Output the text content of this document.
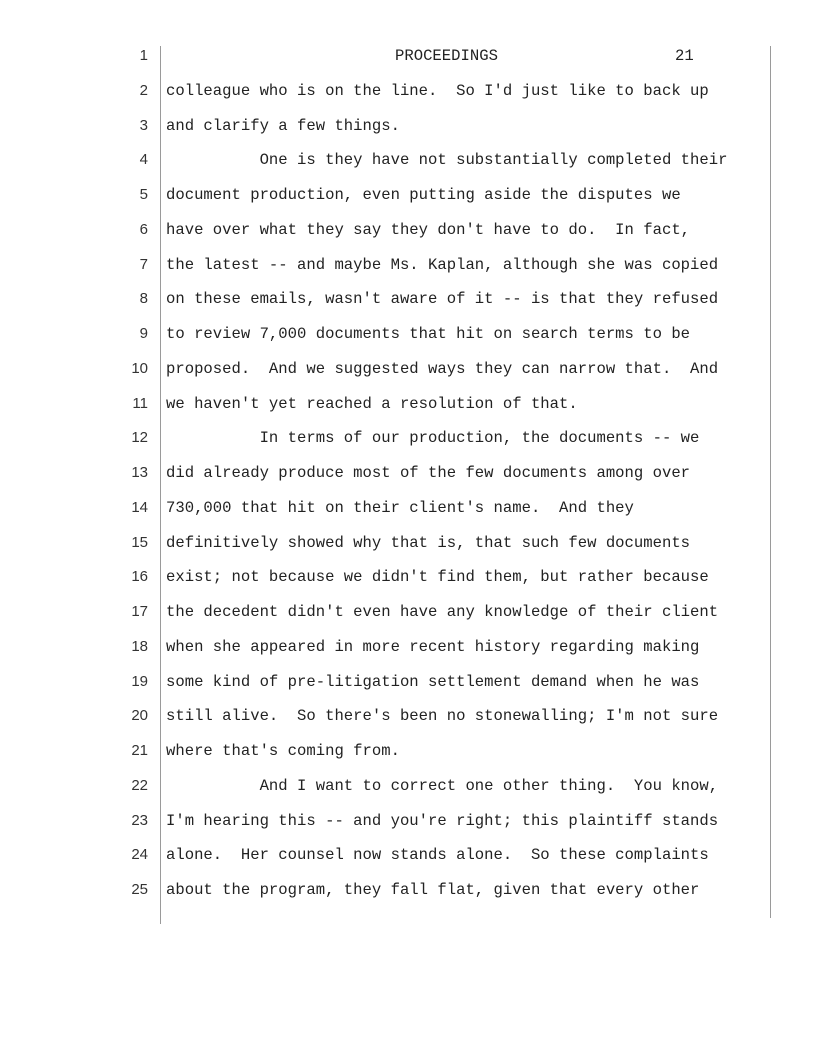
1

	PROCEEDINGS

	21

2

colleague who is on the line.  So I'd just like to back up

3

and clarify a few things.

4

One is they have not substantially completed their

5

document production, even putting aside the disputes we

6

have over what they say they don't have to do.  In fact,

7

the latest -- and maybe Ms. Kaplan, although she was copied

8

on these emails, wasn't aware of it -- is that they refused

9

to review 7,000 documents that hit on search terms to be

10

proposed.  And we suggested ways they can narrow that.  And

11

we haven't yet reached a resolution of that.

12

In terms of our production, the documents -- we

13

did already produce most of the few documents among over

14

730,000 that hit on their client's name.  And they

15

definitively showed why that is, that such few documents

16

exist; not because we didn't find them, but rather because

17

the decedent didn't even have any knowledge of their client

18

when she appeared in more recent history regarding making

19

some kind of pre-litigation settlement demand when he was

20

still alive.  So there's been no stonewalling; I'm not sure

21

where that's coming from.

22

And I want to correct one other thing.  You know,

23

I'm hearing this -- and you're right; this plaintiff stands

24

alone.  Her counsel now stands alone.  So these complaints

25

about the program, they fall flat, given that every other
